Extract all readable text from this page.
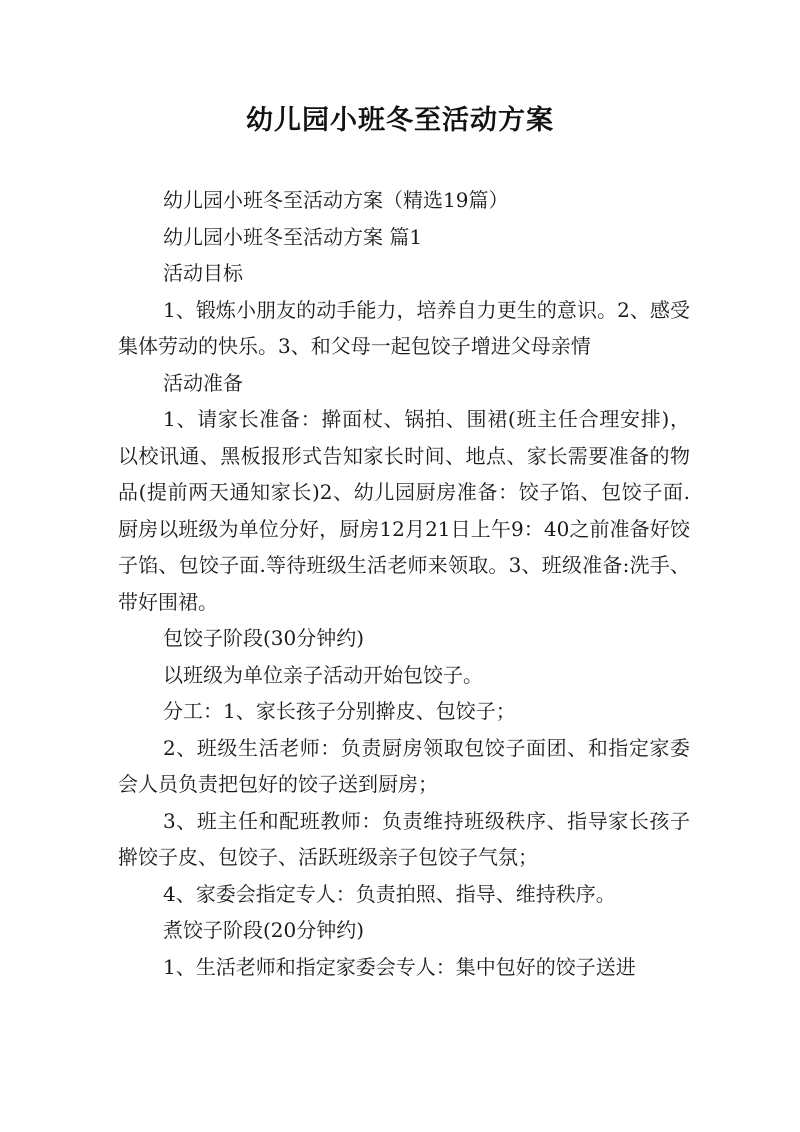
幼儿园小班冬至活动方案

幼儿园小班冬至活动方案（精选19篇）

幼儿园小班冬至活动方案 篇1

活动目标

1、锻炼小朋友的动手能力，培养自力更生的意识。2、感受集体劳动的快乐。3、和父母一起包饺子增进父母亲情

活动准备

1、请家长准备：擀面杖、锅拍、围裙(班主任合理安排)，以校讯通、黑板报形式告知家长时间、地点、家长需要准备的物品(提前两天通知家长)2、幼儿园厨房准备：饺子馅、包饺子面.厨房以班级为单位分好，厨房12月21日上午9：40之前准备好饺子馅、包饺子面.等待班级生活老师来领取。3、班级准备:洗手、带好围裙。

包饺子阶段(30分钟约)

以班级为单位亲子活动开始包饺子。

分工：1、家长孩子分别擀皮、包饺子；

2、班级生活老师：负责厨房领取包饺子面团、和指定家委会人员负责把包好的饺子送到厨房；

3、班主任和配班教师：负责维持班级秩序、指导家长孩子擀饺子皮、包饺子、活跃班级亲子包饺子气氛；

4、家委会指定专人：负责拍照、指导、维持秩序。

煮饺子阶段(20分钟约)

1、生活老师和指定家委会专人：集中包好的饺子送进
